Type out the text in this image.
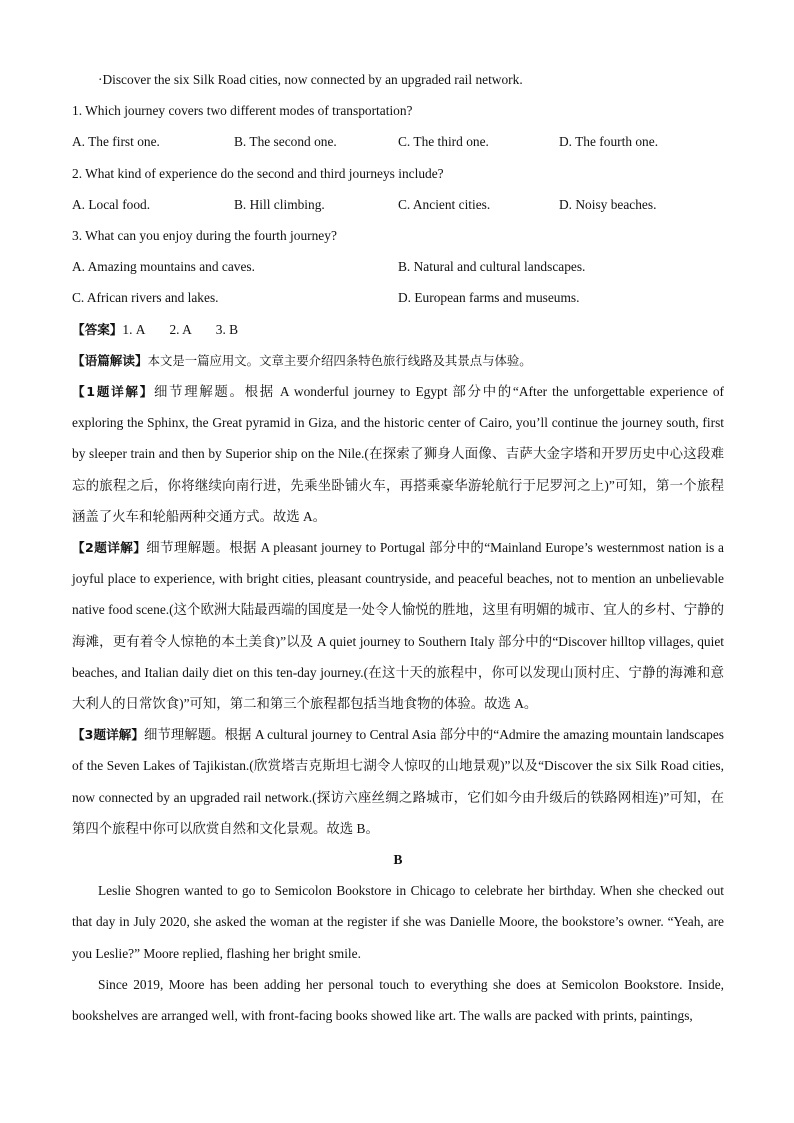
·Discover the six Silk Road cities, now connected by an upgraded rail network.

1. Which journey covers two different modes of transportation?

A. The first one.	B. The second one.	C. The third one.	D. The fourth one.

2. What kind of experience do the second and third journeys include?

A. Local food.	B. Hill climbing.	C. Ancient cities.	D. Noisy beaches.

3. What can you enjoy during the fourth journey?

A. Amazing mountains and caves.	B. Natural and cultural landscapes.
C. African rivers and lakes.	D. European farms and museums.

【答案】1. A 2. A 3. B

【语篇解读】本文是一篇应用文。文章主要介绍四条特色旅行线路及其景点与体验。

【1题详解】细节理解题。根据 A wonderful journey to Egypt 部分中的“After the unforgettable experience of exploring the Sphinx, the Great pyramid in Giza, and the historic center of Cairo, you’ll continue the journey south, first by sleeper train and then by Superior ship on the Nile.(在探索了狮身人面像、吉萨大金字塔和开罗历史中心这段难忘的旅程之后，你将继续向南行进，先乘坐卧铺火车，再搭乘豪华游轮航行于尼罗河之上)”可知，第一个旅程涵盖了火车和轮船两种交通方式。故选 A。

【2题详解】细节理解题。根据 A pleasant journey to Portugal 部分中的“Mainland Europe’s westernmost nation is a joyful place to experience, with bright cities, pleasant countryside, and peaceful beaches, not to mention an unbelievable native food scene.(这个欧洲大陆最西端的国度是一处令人愉悦的胜地，这里有明媚的城市、宜人的乡村、宁静的海滩，更有着令人惊艳的本土美食)”以及 A quiet journey to Southern Italy 部分中的“Discover hilltop villages, quiet beaches, and Italian daily diet on this ten-day journey.(在这十天的旅程中，你可以发现山顶村庄、宁静的海滩和意大利人的日常饮食)”可知，第二和第三个旅程都包括当地食物的体验。故选 A。

【3题详解】细节理解题。根据 A cultural journey to Central Asia 部分中的“Admire the amazing mountain landscapes of the Seven Lakes of Tajikistan.(欣赏塔吉克斯坦七湖令人惊叹的山地景观)”以及“Discover the six Silk Road cities, now connected by an upgraded rail network.(探访六座丝绸之路城市，它们如今由升级后的铁路网相连)”可知，在第四个旅程中你可以欣赏自然和文化景观。故选 B。

B

Leslie Shogren wanted to go to Semicolon Bookstore in Chicago to celebrate her birthday. When she checked out that day in July 2020, she asked the woman at the register if she was Danielle Moore, the bookstore’s owner. “Yeah, are you Leslie?” Moore replied, flashing her bright smile.

Since 2019, Moore has been adding her personal touch to everything she does at Semicolon Bookstore. Inside, bookshelves are arranged well, with front-facing books showed like art. The walls are packed with prints, paintings,
